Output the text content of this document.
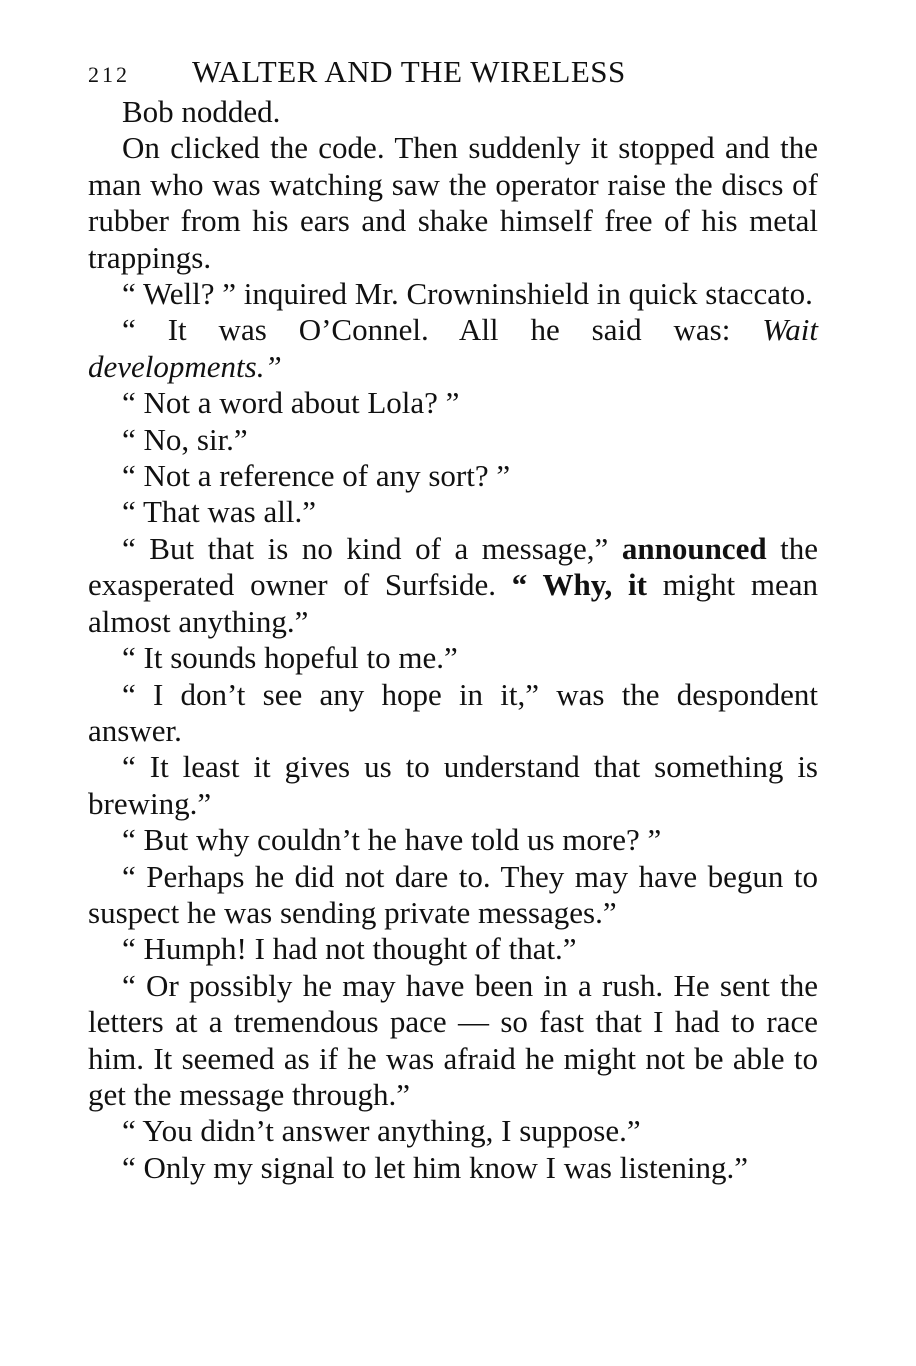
212 WALTER AND THE WIRELESS

Bob nodded.

On clicked the code. Then suddenly it stopped and the man who was watching saw the operator raise the discs of rubber from his ears and shake himself free of his metal trappings.

“ Well? ” inquired Mr. Crowninshield in quick staccato.

“ It was O’Connel. All he said was: Wait developments.”

“ Not a word about Lola? ”

“ No, sir.”

“ Not a reference of any sort? ”

“ That was all.”

“ But that is no kind of a message,” announced the exasperated owner of Surfside. “ Why, it might mean almost anything.”

“ It sounds hopeful to me.”

“ I don’t see any hope in it,” was the despondent answer.

“ It least it gives us to understand that something is brewing.”

“ But why couldn’t he have told us more? ”

“ Perhaps he did not dare to. They may have begun to suspect he was sending private messages.”

“ Humph! I had not thought of that.”

“ Or possibly he may have been in a rush. He sent the letters at a tremendous pace — so fast that I had to race him. It seemed as if he was afraid he might not be able to get the message through.”

“ You didn’t answer anything, I suppose.”

“ Only my signal to let him know I was listening.”
